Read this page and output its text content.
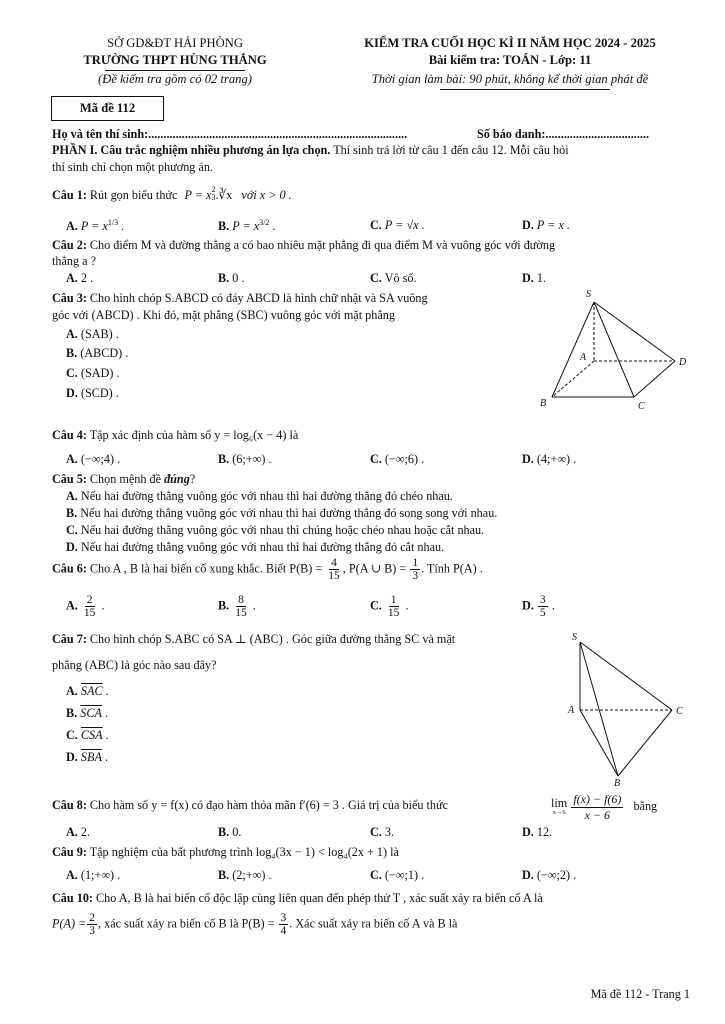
SỞ GD&ĐT HẢI PHÒNG
TRƯỜNG THPT HÙNG THẮNG
(Đề kiểm tra gồm có 02 trang)
KIỂM TRA CUỐI HỌC KÌ II NĂM HỌC 2024 - 2025
Bài kiểm tra: TOÁN - Lớp: 11
Thời gian làm bài: 90 phút, không kể thời gian phát đề
Mã đề 112
Họ và tên thí sinh:.....................................................................................	Số báo danh:..................................
PHẦN I. Câu trắc nghiệm nhiều phương án lựa chọn. Thí sinh trả lời từ câu 1 đến câu 12. Mỗi câu hỏi
thí sinh chỉ chọn một phương án.
Câu 1: Rút gọn biểu thức P = x $^{2 3}$ .∛x với x > 0 .
A. $P = x^{1/3}$ .	B. $P = x^{3/2}$ .	C. P = √x .	D. P = x .
Câu 2: Cho điểm M và đường thẳng a có bao nhiêu mặt phẳng đi qua điểm M và vuông góc với đường
thẳng a ?
A. 2 .	B. 0 .	C. Vô số.	D. 1.
Câu 3: Cho hình chóp S.ABCD có đáy ABCD là hình chữ nhật và SA vuông
góc với (ABCD) . Khi đó, mặt phẳng (SBC) vuông góc với mặt phẳng
A. (SAB) .
B. (ABCD) .
C. (SAD) .
D. (SCD) .
S
A
B	C
D
Câu 4: Tập xác định của hàm số y = log₆(x − 4) là
A. (−∞;4) .	B. (6;+∞) .	C. (−∞;6) .	D. (4;+∞) .
Câu 5: Chọn mệnh đề đúng?
A. Nếu hai đường thẳng vuông góc với nhau thì hai đường thẳng đó chéo nhau.
B. Nếu hai đường thẳng vuông góc với nhau thì hai đường thẳng đó song song với nhau.
C. Nếu hai đường thẳng vuông góc với nhau thì chúng hoặc chéo nhau hoặc cắt nhau.
D. Nếu hai đường thẳng vuông góc với nhau thì hai đường thẳng đó cắt nhau.
Câu 6: Cho A , B là hai biến cố xung khắc. Biết $P(B) = \frac{4}{15}$ , P(A ∪ $B) = \frac{1}{3}$ . Tính P(A) .
A. $\frac{2}{15}$ .	B. $\frac{8}{15}$ .	C. $\frac{1}{15}$ .	D. $\frac{3}{5}$ .
Câu 7: Cho hình chóp S.ABC có SA ⊥ (ABC) . Góc giữa đường thẳng SC và mặt
phẳng (ABC) là góc nào sau đây?
A. $\overline{SAC}$ .
B. $\overline{SCA}$ .
C. $\overline{CSA}$ .
D. $\overline{SBA}$ .
S
A	C
B
Câu 8: Cho hàm số y = f(x) có đạo hàm thỏa mãn f′(6) = 3 . Giá trị của biểu thức	lim
x→6
$\frac{f(x) - f(6)}{x - 6}$ bằng
A. 2.	B. 0.	C. 3.	D. 12.
Câu 9: Tập nghiệm của bất phương trình log₄(3x − 1) < log₄(2x + 1) là
A. (1;+∞) .	B. (2;+∞) .	C. (−∞;1) .	D. (−∞;2) .
Câu 10: Cho A, B là hai biến cố độc lập cùng liên quan đến phép thử T , xác suất xảy ra biến cố A là
$P(A) = \frac{2}{3}$ , xác suất xảy ra biến cố B là $P(B) = \frac{3}{4}$ . Xác suất xảy ra biến cố A và B là
Mã đề 112 - Trang 1
